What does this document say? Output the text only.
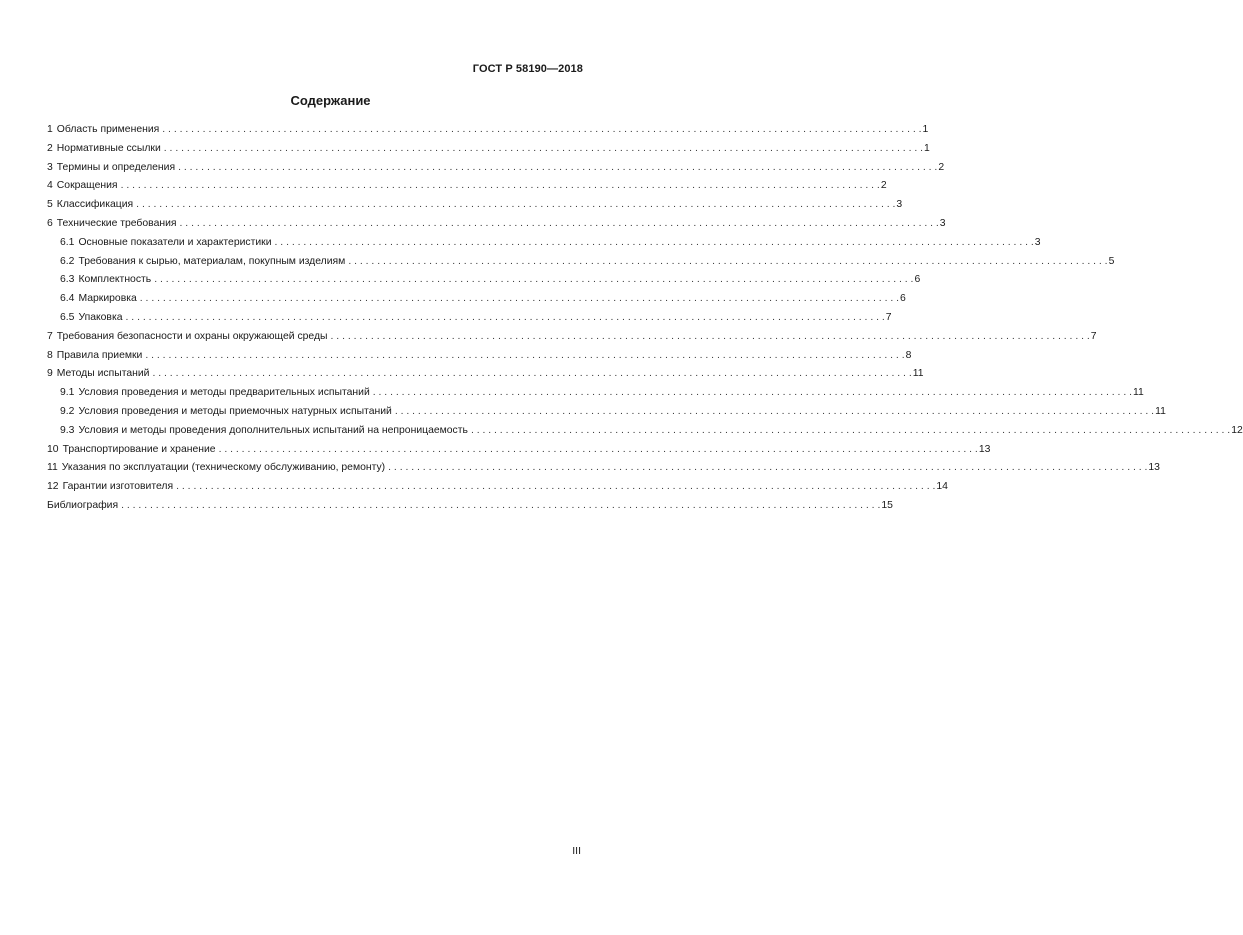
ГОСТ Р 58190—2018
Содержание
1 Область применения . . .	1
2 Нормативные ссылки . . .	1
3 Термины и определения . . .	2
4 Сокращения . . .	2
5 Классификация . . .	3
6 Технические требования . . .	3
6.1 Основные показатели и характеристики . . .	3
6.2 Требования к сырью, материалам, покупным изделиям . . .	5
6.3 Комплектность . . .	6
6.4 Маркировка . . .	6
6.5 Упаковка . . .	7
7 Требования безопасности и охраны окружающей среды . . .	7
8 Правила приемки . . .	8
9 Методы испытаний . . .	11
9.1 Условия проведения и методы предварительных испытаний . . .	11
9.2 Условия проведения и методы приемочных натурных испытаний . . .	11
9.3 Условия и методы проведения дополнительных испытаний на непроницаемость . . .	12
10 Транспортирование и хранение . . .	13
11 Указания по эксплуатации (техническому обслуживанию, ремонту) . . .	13
12 Гарантии изготовителя . . .	14
Библиография . . .	15
III
